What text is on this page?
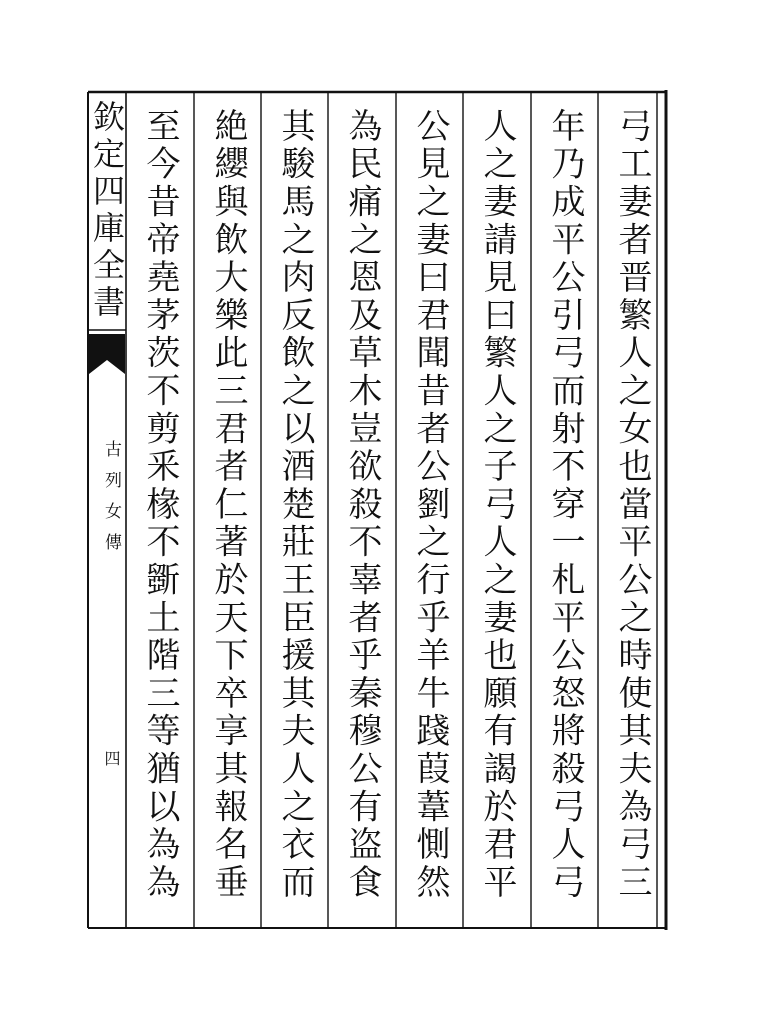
欽定四庫全書
古列女傳
四	弓工妻者晋繁人之女也當平公之時使其夫為弓三
年乃成平公引弓而射不穿一札平公怒將殺弓人弓
人之妻請見曰繁人之子弓人之妻也願有謁於君平
公見之妻曰君聞昔者公劉之行乎羊牛踐葭葦惻然
為民痛之恩及草木豈欲殺不辜者乎秦穆公有盗食
其駿馬之肉反飲之以酒楚莊王臣援其夫人之衣而
絶纓與飲大樂此三君者仁著於天下卒享其報名垂
至今昔帝堯茅茨不剪釆椽不斵土階三等猶以為為
